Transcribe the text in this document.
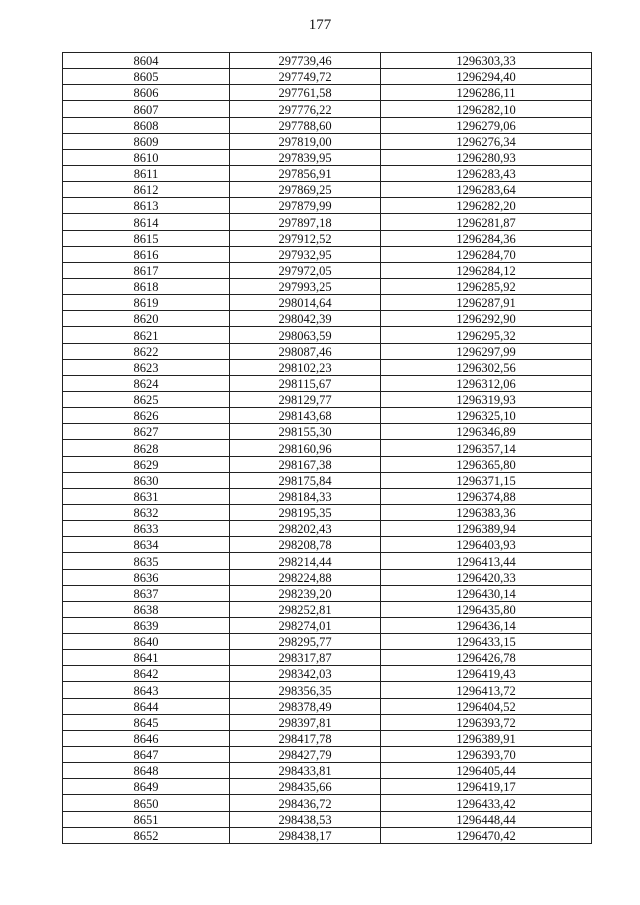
177
8604	297739,46	1296303,33
8605	297749,72	1296294,40
8606	297761,58	1296286,11
8607	297776,22	1296282,10
8608	297788,60	1296279,06
8609	297819,00	1296276,34
8610	297839,95	1296280,93
8611	297856,91	1296283,43
8612	297869,25	1296283,64
8613	297879,99	1296282,20
8614	297897,18	1296281,87
8615	297912,52	1296284,36
8616	297932,95	1296284,70
8617	297972,05	1296284,12
8618	297993,25	1296285,92
8619	298014,64	1296287,91
8620	298042,39	1296292,90
8621	298063,59	1296295,32
8622	298087,46	1296297,99
8623	298102,23	1296302,56
8624	298115,67	1296312,06
8625	298129,77	1296319,93
8626	298143,68	1296325,10
8627	298155,30	1296346,89
8628	298160,96	1296357,14
8629	298167,38	1296365,80
8630	298175,84	1296371,15
8631	298184,33	1296374,88
8632	298195,35	1296383,36
8633	298202,43	1296389,94
8634	298208,78	1296403,93
8635	298214,44	1296413,44
8636	298224,88	1296420,33
8637	298239,20	1296430,14
8638	298252,81	1296435,80
8639	298274,01	1296436,14
8640	298295,77	1296433,15
8641	298317,87	1296426,78
8642	298342,03	1296419,43
8643	298356,35	1296413,72
8644	298378,49	1296404,52
8645	298397,81	1296393,72
8646	298417,78	1296389,91
8647	298427,79	1296393,70
8648	298433,81	1296405,44
8649	298435,66	1296419,17
8650	298436,72	1296433,42
8651	298438,53	1296448,44
8652	298438,17	1296470,42
